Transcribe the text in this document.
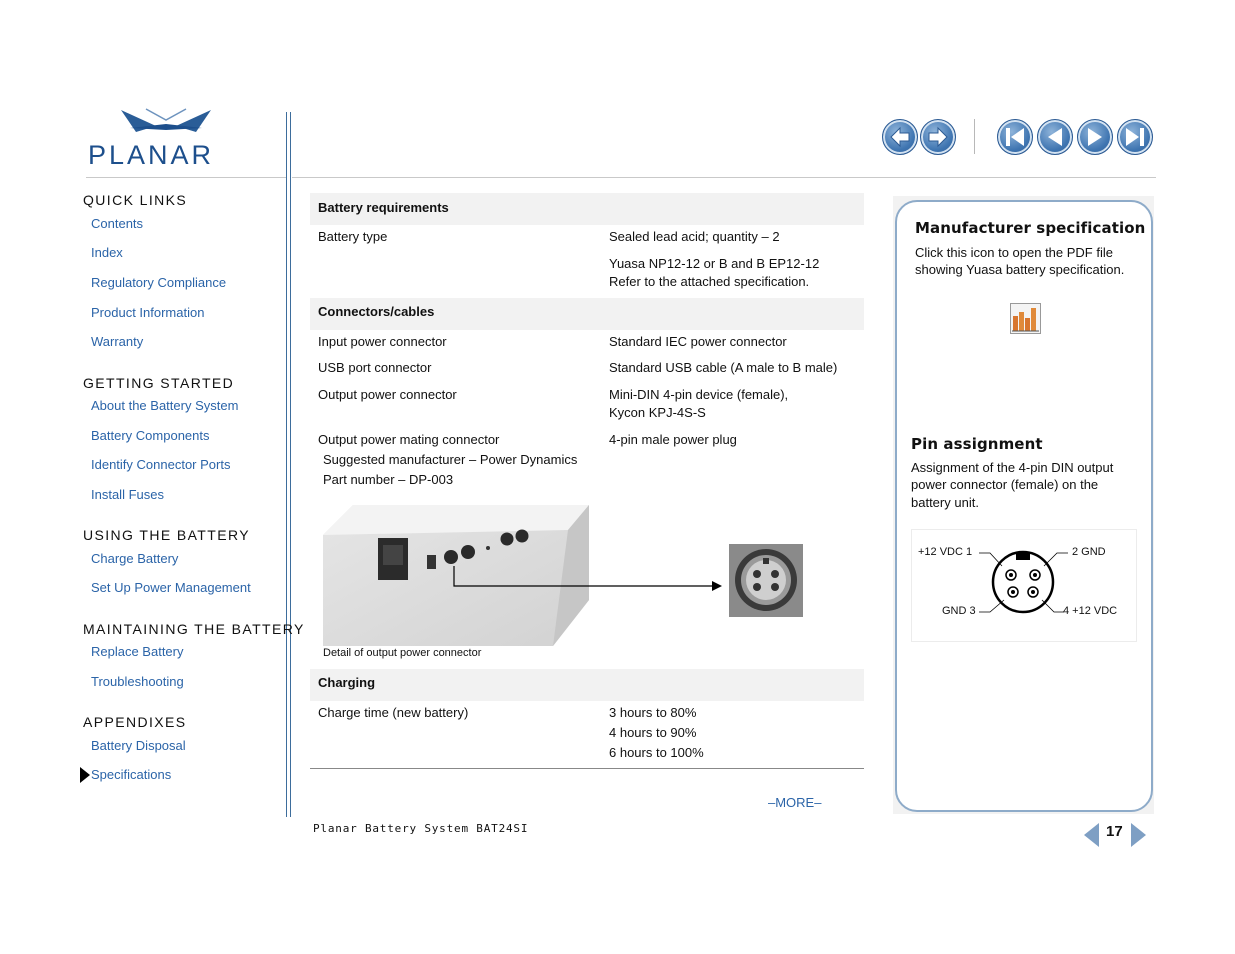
PLANAR
QUICK LINKS
Contents
Index
Regulatory Compliance
Product Information
Warranty
GETTING STARTED
About the Battery System
Battery Components
Identify Connector Ports
Install Fuses
USING THE BATTERY
Charge Battery
Set Up Power Management
MAINTAINING THE BATTERY
Replace Battery
Troubleshooting
APPENDIXES
Battery Disposal
Specifications
Battery requirements
Battery type	Sealed lead acid; quantity – 2
Yuasa NP12-12 or B and B EP12-12
Refer to the attached specification.
Connectors/cables
Input power connector	Standard IEC power connector
USB port connector	Standard USB cable (A male to B male)
Output power connector	Mini-DIN 4-pin device (female),
Kycon KPJ-4S-S
Output power mating connector	4-pin male power plug
Suggested manufacturer – Power Dynamics
Part number – DP-003
Detail of output power connector
Charging
Charge time (new battery)	3 hours to 80%
4 hours to 90%
6 hours to 100%
–MORE–
Planar Battery System BAT24SI
Manufacturer specification
Click this icon to open the PDF file
showing Yuasa battery specification.
Pin assignment
Assignment of the 4-pin DIN output
power connector (female) on the
battery unit.
+12 VDC 1	2 GND
GND 3	4 +12 VDC
17
